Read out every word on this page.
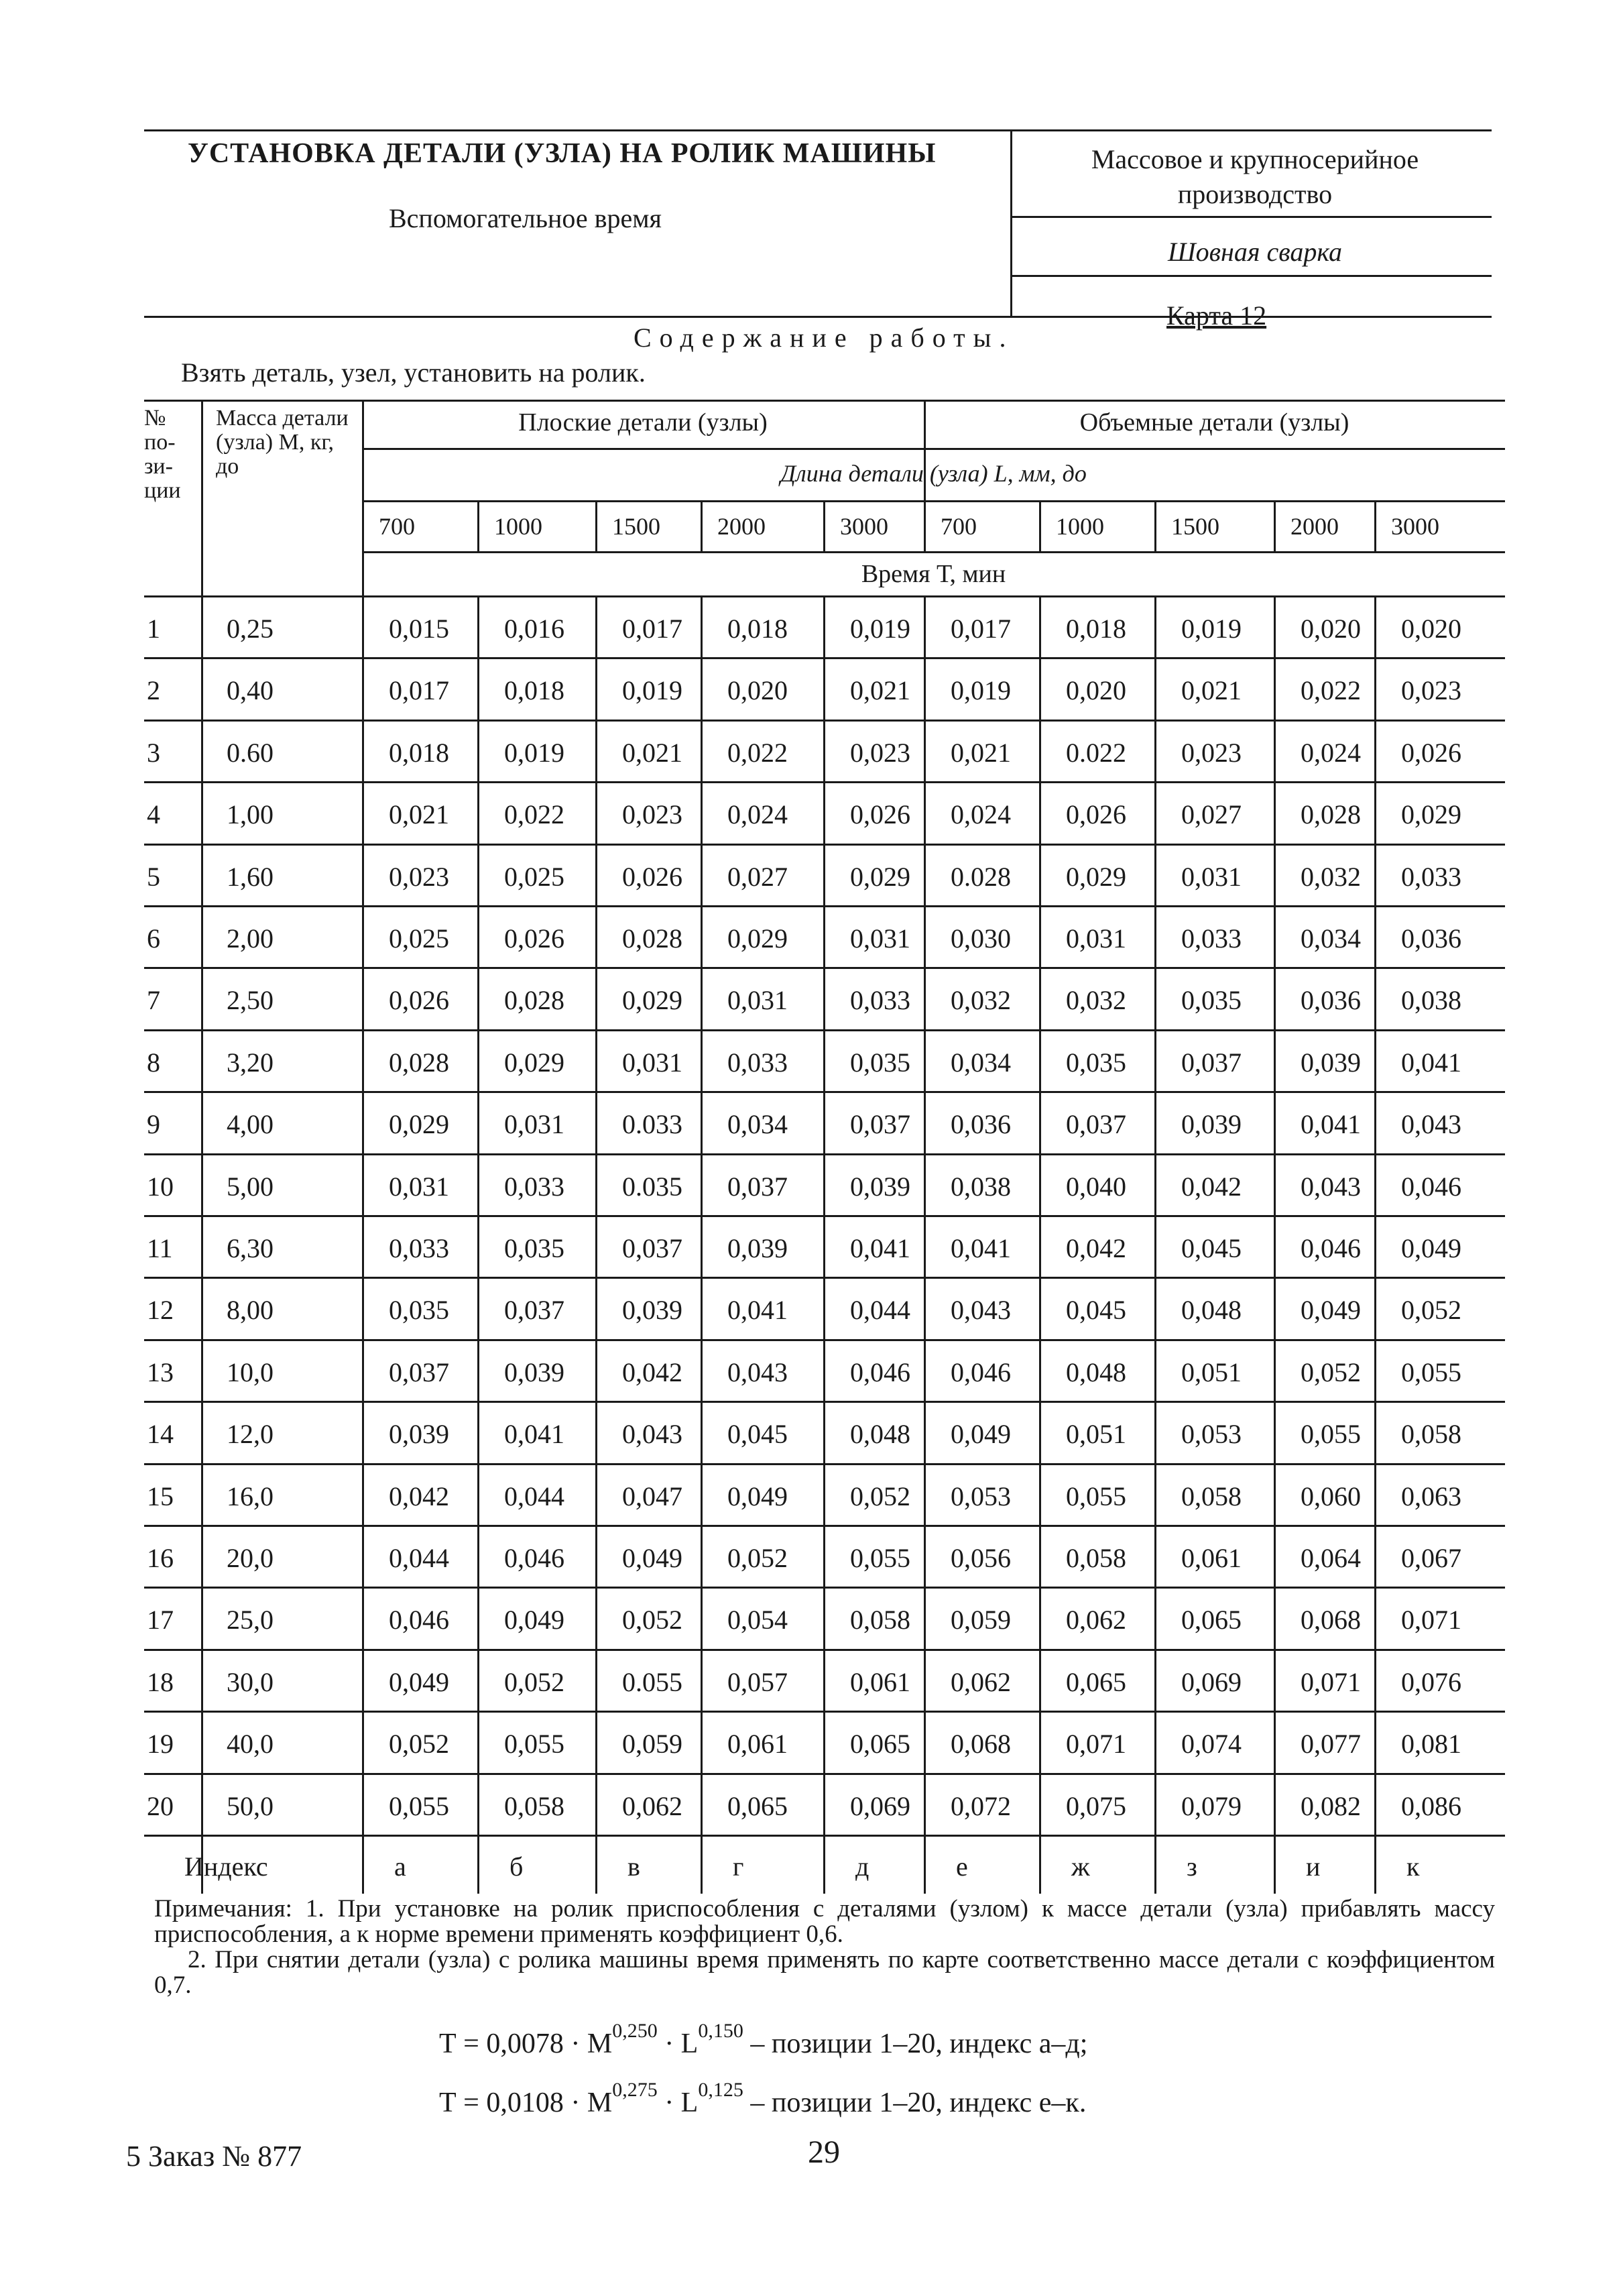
УСТАНОВКА ДЕТАЛИ (УЗЛА) НА РОЛИК МАШИНЫ
Вспомогательное время
Массовое и крупносерийное производство
Шовная сварка
Карта 12
Содержание работы.
Взять деталь, узел, установить на ролик.
№ по-зи-ции
Масса детали (узла) М, кг, до
Плоские детали (узлы)	Объемные детали (узлы)
Длина детали (узла) L, мм, до
700	1000	1500 2000	3000 700	1000	1500	2000 3000
Время Т, мин
1 0,25	0,015 0,016 0,017 0,018 0,019 0,017 0,018 0,019 0,020 0,020
2 0,40	0,017 0,018 0,019 0,020 0,021 0,019 0,020 0,021 0,022 0,023
3 0.60	0,018 0,019 0,021 0,022 0,023 0,021 0.022 0,023 0,024 0,026
4 1,00	0,021 0,022 0,023 0,024 0,026 0,024 0,026 0,027 0,028 0,029
5 1,60	0,023 0,025 0,026 0,027 0,029 0.028 0,029 0,031 0,032 0,033
6 2,00	0,025 0,026 0,028 0,029 0,031 0,030 0,031 0,033 0,034 0,036
7 2,50	0,026 0,028 0,029 0,031 0,033 0,032 0,032 0,035 0,036 0,038
8 3,20	0,028 0,029 0,031 0,033 0,035 0,034 0,035 0,037 0,039 0,041
9 4,00	0,029 0,031 0.033 0,034 0,037 0,036 0,037 0,039 0,041 0,043
10 5,00	0,031 0,033 0.035 0,037 0,039 0,038 0,040 0,042 0,043 0,046
11 6,30	0,033 0,035 0,037 0,039 0,041 0,041 0,042 0,045 0,046 0,049
12 8,00	0,035 0,037 0,039 0,041 0,044 0,043 0,045 0,048 0,049 0,052
13 10,0	0,037 0,039 0,042 0,043 0,046 0,046 0,048 0,051 0,052 0,055
14 12,0	0,039 0,041 0,043 0,045 0,048 0,049 0,051 0,053 0,055 0,058
15 16,0	0,042 0,044 0,047 0,049 0,052 0,053 0,055 0,058 0,060 0,063
16 20,0	0,044 0,046 0,049 0,052 0,055 0,056 0,058 0,061 0,064 0,067
17 25,0	0,046 0,049 0,052 0,054 0,058 0,059 0,062 0,065 0,068 0,071
18 30,0	0,049 0,052 0.055 0,057 0,061 0,062 0,065 0,069 0,071 0,076
19 40,0	0,052 0,055 0,059 0,061 0,065 0,068 0,071 0,074 0,077 0,081
20 50,0	0,055 0,058 0,062 0,065 0,069 0,072 0,075 0,079 0,082 0,086
Индекс	а	б	в	г	д	е	ж	з	и	к
Примечания: 1. При установке на ролик приспособления с деталями (узлом) к массе детали (узла) прибавлять массу приспособления, а к норме времени применять коэффициент 0,6.
2. При снятии детали (узла) с ролика машины время применять по карте соответственно массе детали с коэффициентом 0,7.
Т = 0,0078 · М$^{0,250}$ · L$^{0,150}$ – позиции 1–20, индекс а–д;
Т = 0,0108 · М$^{0,275}$ · L$^{0,125}$ – позиции 1–20, индекс е–к.
5 Заказ № 877	29
